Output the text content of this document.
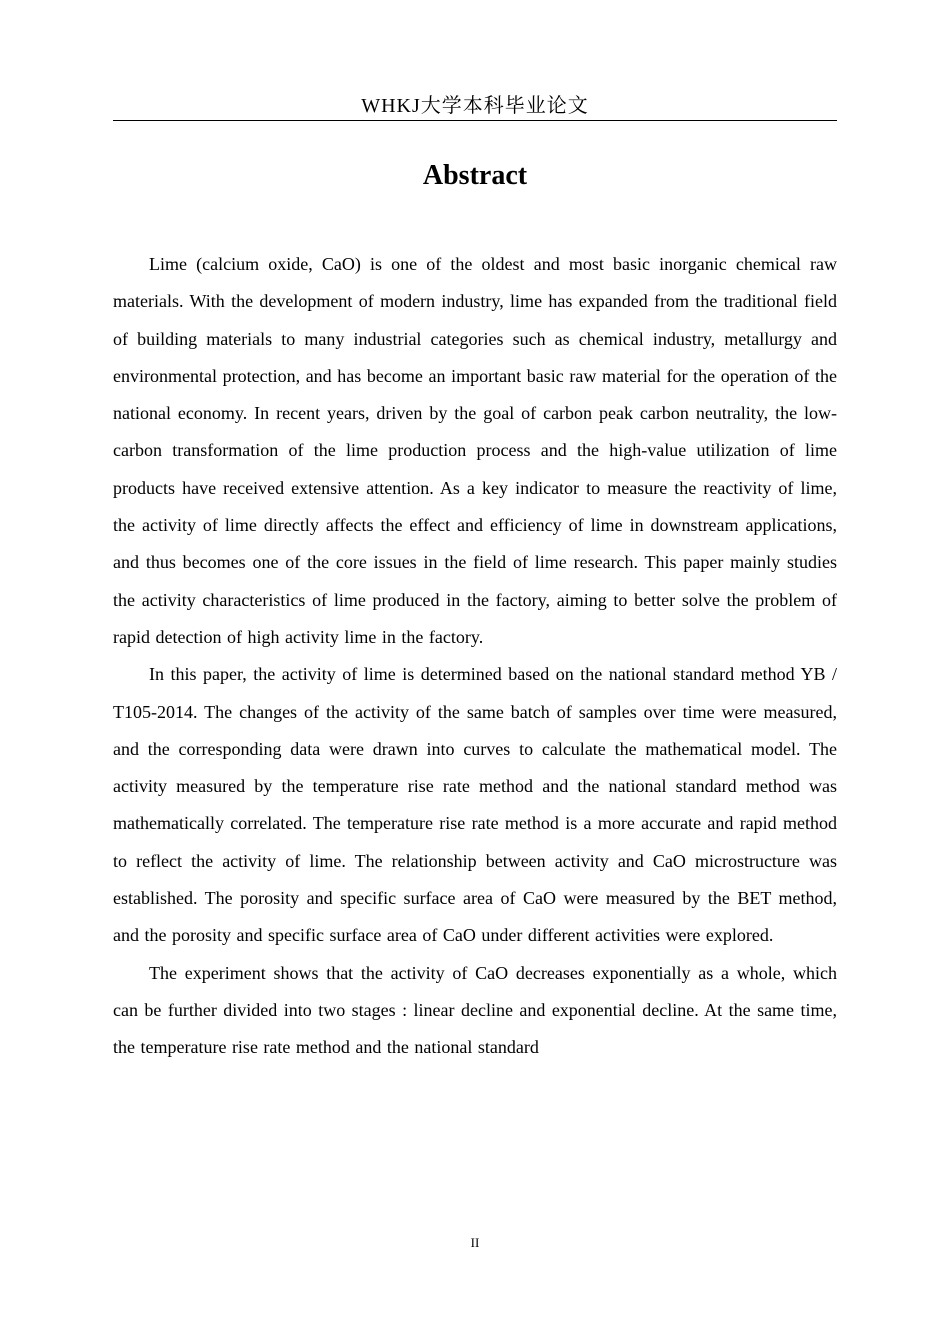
WHKJ大学本科毕业论文
Abstract

Lime (calcium oxide, CaO) is one of the oldest and most basic inorganic chemical raw materials. With the development of modern industry, lime has expanded from the traditional field of building materials to many industrial categories such as chemical industry, metallurgy and environmental protection, and has become an important basic raw material for the operation of the national economy. In recent years, driven by the goal of carbon peak carbon neutrality, the low-carbon transformation of the lime production process and the high-value utilization of lime products have received extensive attention. As a key indicator to measure the reactivity of lime, the activity of lime directly affects the effect and efficiency of lime in downstream applications, and thus becomes one of the core issues in the field of lime research. This paper mainly studies the activity characteristics of lime produced in the factory, aiming to better solve the problem of rapid detection of high activity lime in the factory.

In this paper, the activity of lime is determined based on the national standard method YB / T105-2014. The changes of the activity of the same batch of samples over time were measured, and the corresponding data were drawn into curves to calculate the mathematical model. The activity measured by the temperature rise rate method and the national standard method was mathematically correlated. The temperature rise rate method is a more accurate and rapid method to reflect the activity of lime. The relationship between activity and CaO microstructure was established. The porosity and specific surface area of CaO were measured by the BET method, and the porosity and specific surface area of CaO under different activities were explored.

The experiment shows that the activity of CaO decreases exponentially as a whole, which can be further divided into two stages : linear decline and exponential decline. At the same time, the temperature rise rate method and the national standard

II
